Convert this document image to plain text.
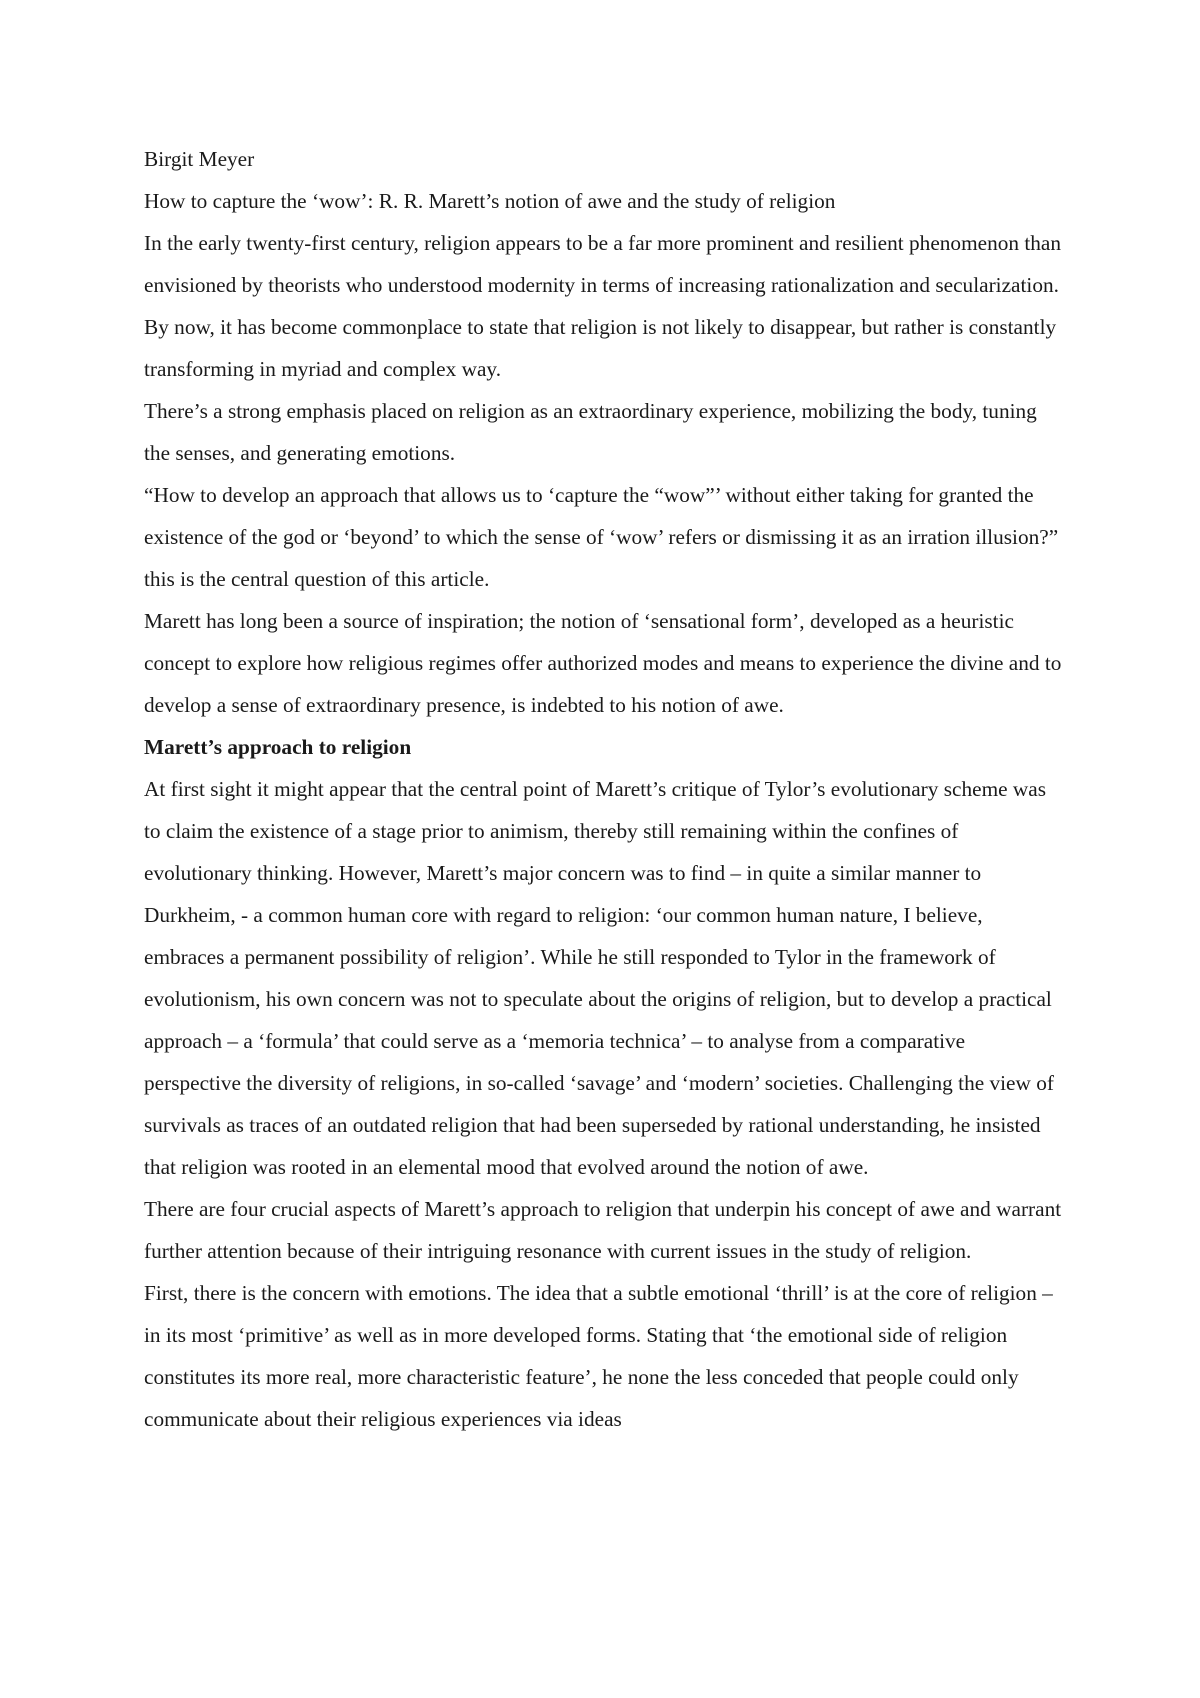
Birgit Meyer

How to capture the ‘wow’: R. R. Marett’s notion of awe and the study of religion

In the early twenty-first century, religion appears to be a far more prominent and resilient phenomenon than envisioned by theorists who understood modernity in terms of increasing rationalization and secularization. By now, it has become commonplace to state that religion is not likely to disappear, but rather is constantly transforming in myriad and complex way.

There’s a strong emphasis placed on religion as an extraordinary experience, mobilizing the body, tuning the senses, and generating emotions.

“How to develop an approach that allows us to ‘capture the “wow”’ without either taking for granted the existence of the god or ‘beyond’ to which the sense of ‘wow’ refers or dismissing it as an irration illusion?” this is the central question of this article.

Marett has long been a source of inspiration; the notion of ‘sensational form’, developed as a heuristic concept to explore how religious regimes offer authorized modes and means to experience the divine and to develop a sense of extraordinary presence, is indebted to his notion of awe.

Marett’s approach to religion

At first sight it might appear that the central point of Marett’s critique of Tylor’s evolutionary scheme was to claim the existence of a stage prior to animism, thereby still remaining within the confines of evolutionary thinking. However, Marett’s major concern was to find – in quite a similar manner to Durkheim, - a common human core with regard to religion: ‘our common human nature, I believe, embraces a permanent possibility of religion’. While he still responded to Tylor in the framework of evolutionism, his own concern was not to speculate about the origins of religion, but to develop a practical approach – a ‘formula’ that could serve as a ‘memoria technica’ – to analyse from a comparative perspective the diversity of religions, in so-called ‘savage’ and ‘modern’ societies. Challenging the view of survivals as traces of an outdated religion that had been superseded by rational understanding, he insisted that religion was rooted in an elemental mood that evolved around the notion of awe.

There are four crucial aspects of Marett’s approach to religion that underpin his concept of awe and warrant further attention because of their intriguing resonance with current issues in the study of religion.

First, there is the concern with emotions. The idea that a subtle emotional ‘thrill’ is at the core of religion – in its most ‘primitive’ as well as in more developed forms. Stating that ‘the emotional side of religion constitutes its more real, more characteristic feature’, he none the less conceded that people could only communicate about their religious experiences via ideas
